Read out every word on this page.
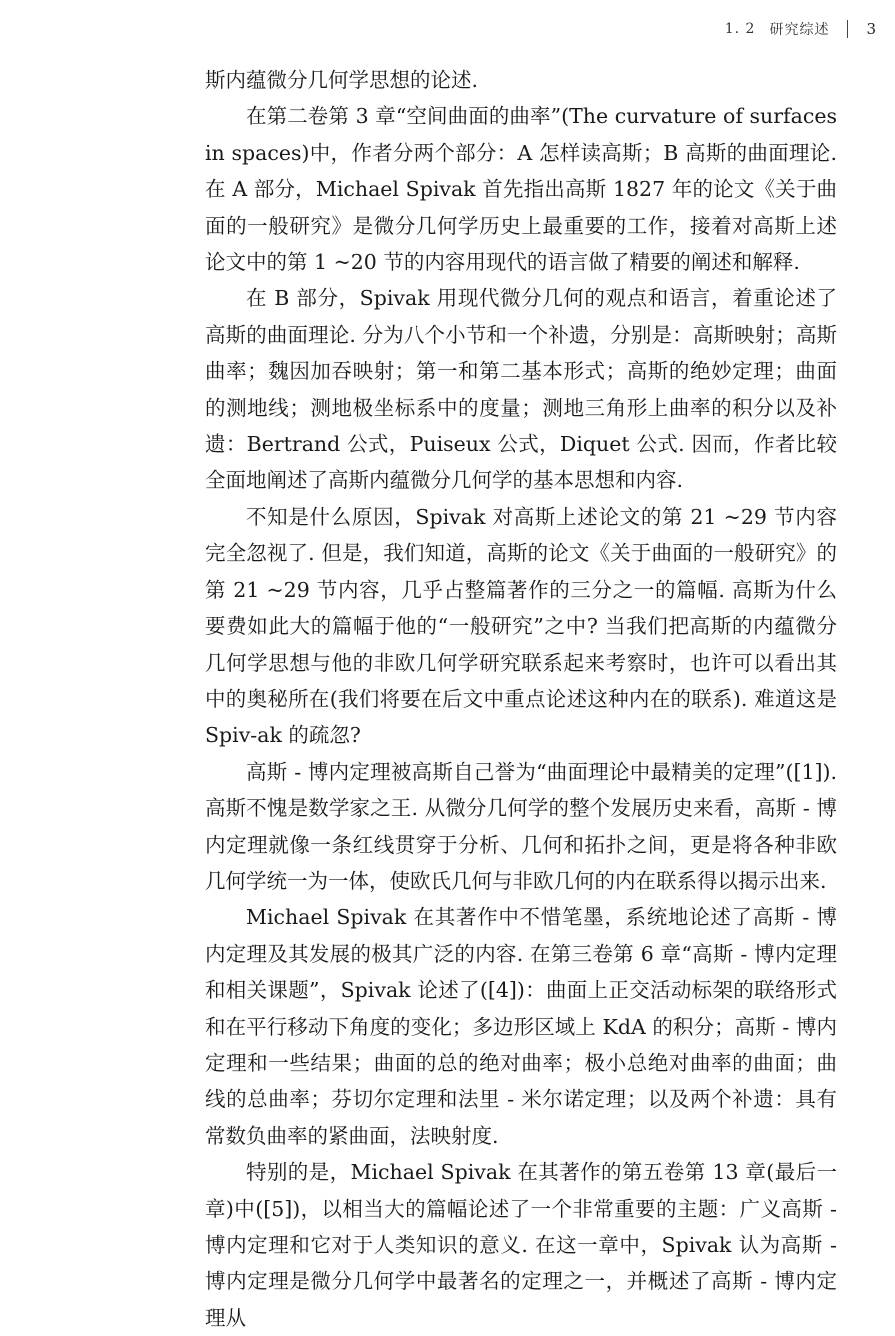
1. 2 研究综述 3

斯内蕴微分几何学思想的论述.

在第二卷第 3 章“空间曲面的曲率”(The curvature of surfaces in spaces)中，作者分两个部分：A 怎样读高斯；B 高斯的曲面理论. 在 A 部分，Michael Spivak 首先指出高斯 1827 年的论文《关于曲面的一般研究》是微分几何学历史上最重要的工作，接着对高斯上述论文中的第 1 ~20 节的内容用现代的语言做了精要的阐述和解释.

在 B 部分，Spivak 用现代微分几何的观点和语言，着重论述了高斯的曲面理论. 分为八个小节和一个补遗，分别是：高斯映射；高斯曲率；魏因加吞映射；第一和第二基本形式；高斯的绝妙定理；曲面的测地线；测地极坐标系中的度量；测地三角形上曲率的积分以及补遗：Bertrand 公式，Puiseux 公式，Diquet 公式. 因而，作者比较全面地阐述了高斯内蕴微分几何学的基本思想和内容.

不知是什么原因，Spivak 对高斯上述论文的第 21 ~29 节内容完全忽视了. 但是，我们知道，高斯的论文《关于曲面的一般研究》的第 21 ~29 节内容，几乎占整篇著作的三分之一的篇幅. 高斯为什么要费如此大的篇幅于他的“一般研究”之中? 当我们把高斯的内蕴微分几何学思想与他的非欧几何学研究联系起来考察时，也许可以看出其中的奥秘所在(我们将要在后文中重点论述这种内在的联系). 难道这是 Spiv-ak 的疏忽?

高斯 - 博内定理被高斯自己誉为“曲面理论中最精美的定理”([1]). 高斯不愧是数学家之王. 从微分几何学的整个发展历史来看，高斯 - 博内定理就像一条红线贯穿于分析、几何和拓扑之间，更是将各种非欧几何学统一为一体，使欧氏几何与非欧几何的内在联系得以揭示出来.

Michael Spivak 在其著作中不惜笔墨，系统地论述了高斯 - 博内定理及其发展的极其广泛的内容. 在第三卷第 6 章“高斯 - 博内定理和相关课题”，Spivak 论述了([4])：曲面上正交活动标架的联络形式和在平行移动下角度的变化；多边形区域上 KdA 的积分；高斯 - 博内定理和一些结果；曲面的总的绝对曲率；极小总绝对曲率的曲面；曲线的总曲率；芬切尔定理和法里 - 米尔诺定理；以及两个补遗：具有常数负曲率的紧曲面，法映射度.

特别的是，Michael Spivak 在其著作的第五卷第 13 章(最后一章)中([5])，以相当大的篇幅论述了一个非常重要的主题：广义高斯 - 博内定理和它对于人类知识的意义. 在这一章中，Spivak 认为高斯 - 博内定理是微分几何学中最著名的定理之一，并概述了高斯 - 博内定理从
